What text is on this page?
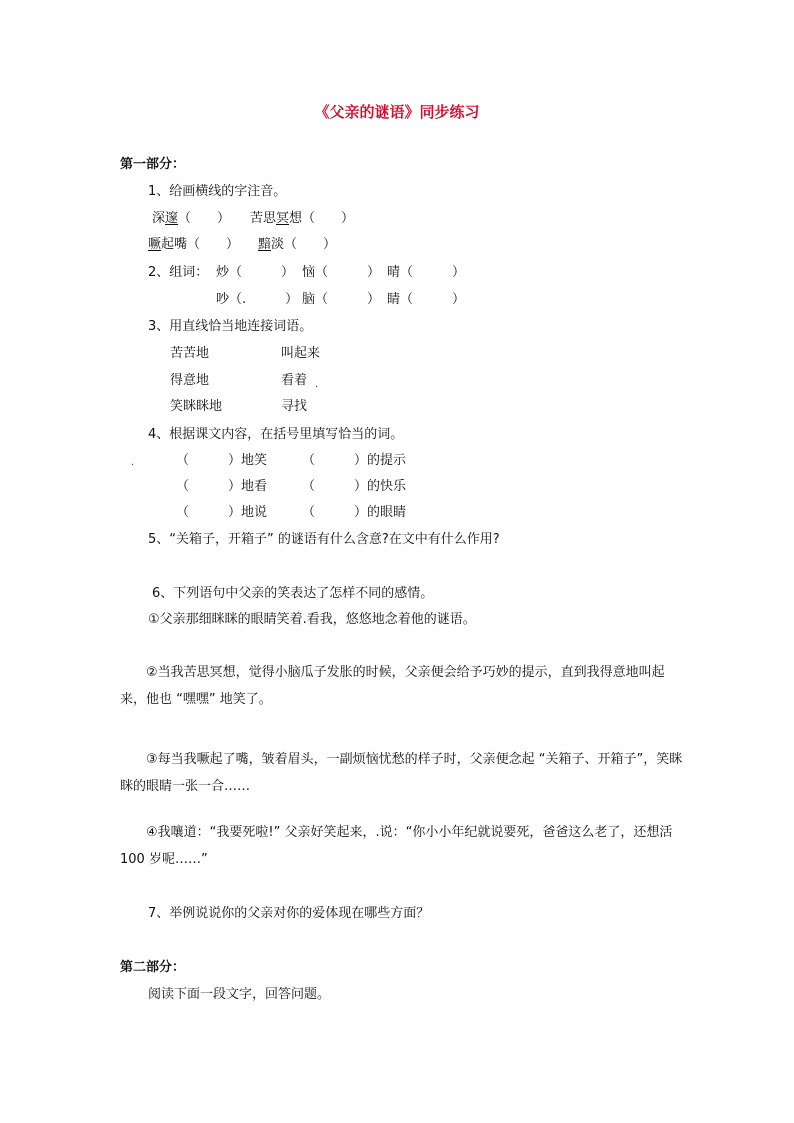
《父亲的谜语》同步练习
第一部分：
1、给画横线的字注音。
深邃（　　） 苦思冥想（　　）
噘起嘴（　　） 黯淡（　　）
2、组词： 炒（　　　） 恼（　　　） 晴（　　　）
吵（.　　　） 脑（　　　） 睛（　　　）
3、用直线恰当地连接词语。
苦苦地
得意地
笑眯眯地
叫起来
看着 .
寻找
4、根据课文内容，在括号里填写恰当的词。
.	（　　　）地笑
（　　　）地看
（　　　）地说
（　　　）的提示
（　　　）的快乐
（　　　）的眼睛
5、“关箱子，开箱子” 的谜语有什么含意?在文中有什么作用?
6、下列语句中父亲的笑表达了怎样不同的感情。
①父亲那细眯眯的眼睛笑着.看我，悠悠地念着他的谜语。
②当我苦思冥想，觉得小脑瓜子发胀的时候，父亲便会给予巧妙的提示，直到我得意地叫起来，他也 “嘿嘿” 地笑了。
③每当我噘起了嘴，皱着眉头，一副烦恼忧愁的样子时，父亲便念起 “关箱子、开箱子”，笑眯眯的眼睛一张一合……
④我嚷道：“我要死啦!” 父亲好笑起来，.说：“你小小年纪就说要死，爸爸这么老了，还想活 100 岁呢……”
7、举例说说你的父亲对你的爱体现在哪些方面？
第二部分：
阅读下面一段文字，回答问题。
